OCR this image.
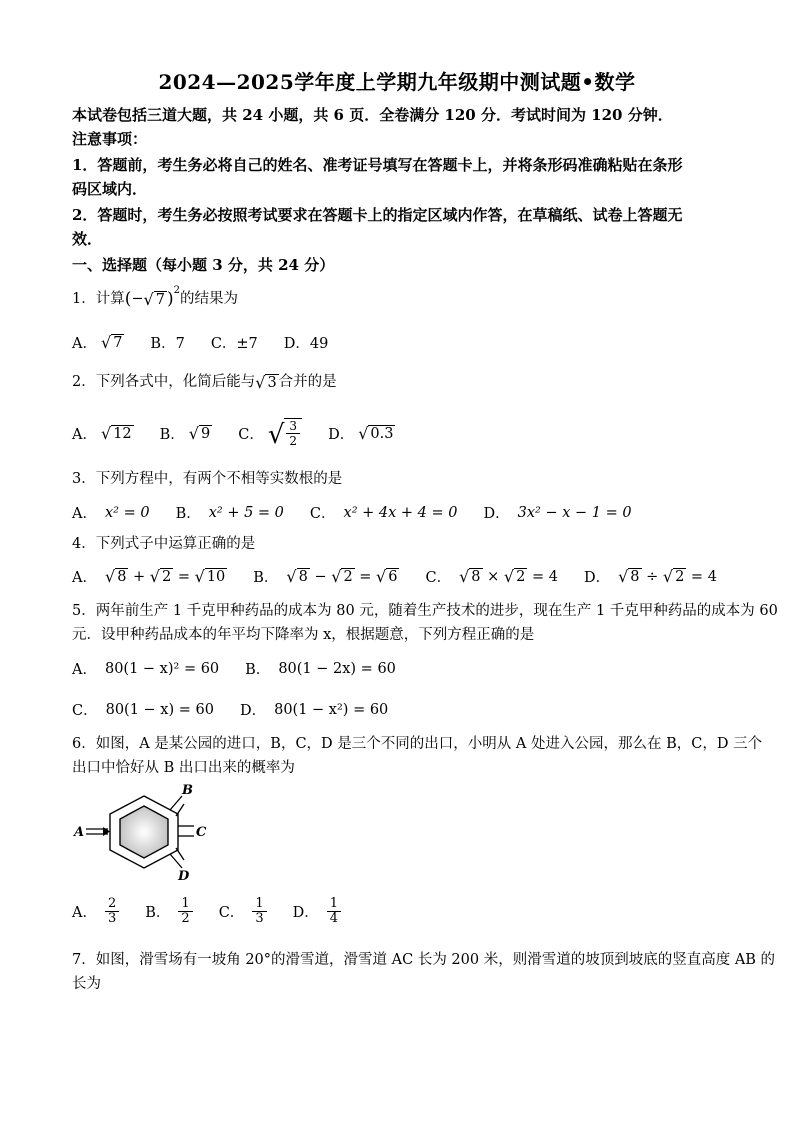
2024—2025学年度上学期九年级期中测试题•数学
本试卷包括三道大题，共 24 小题，共 6 页．全卷满分 120 分．考试时间为 120 分钟．
注意事项：
1．答题前，考生务必将自己的姓名、准考证号填写在答题卡上，并将条形码准确粘贴在条形
码区域内．
2．答题时，考生务必按照考试要求在答题卡上的指定区域内作答，在草稿纸、试卷上答题无
效．
一、选择题（每小题 3 分，共 24 分）
1．计算 ( − √ 7 )$^2$
的结果为
A． √ 7 B．7 C．±7 D．49
2．下列各式中，化简后能与 √ 3 合并的是
A． √ 12 B． √ 9 C． √ $\frac{3}{2}$ D． √ 0.3
3．下列方程中，有两个不相等实数根的是
A． x² = 0 B． x² + 5 = 0 C． x² + 4x + 4 = 0 D． 3x² − x − 1 = 0
4．下列式子中运算正确的是
A． √ 8 + √ 2 = √ 10 B． √ 8 − √ 2 = √ 6 C． √ 8 × √ 2 = 4 D． √ 8 ÷ √ 2 = 4
5．两年前生产 1 千克甲种药品的成本为 80 元，随着生产技术的进步，现在生产 1 千克甲种药品的成本为 60
元．设甲种药品成本的年平均下降率为 x，根据题意，下列方程正确的是
A． 80(1 − x)² = 60 B． 80(1 − 2x) = 60
C． 80(1 − x) = 60 D． 80(1 − x²) = 60
6．如图，A 是某公园的进口，B，C，D 是三个不同的出口，小明从 A 处进入公园，那么在 B，C，D 三个
出口中恰好从 B 出口出来的概率为
A
B
C
D
A． $\frac{2}{3}$ B． $\frac{1}{2}$ C． $\frac{1}{3}$ D． $\frac{1}{4}$
7．如图，滑雪场有一坡角 20°的滑雪道，滑雪道 AC 长为 200 米，则滑雪道的坡顶到坡底的竖直高度 AB 的
长为
